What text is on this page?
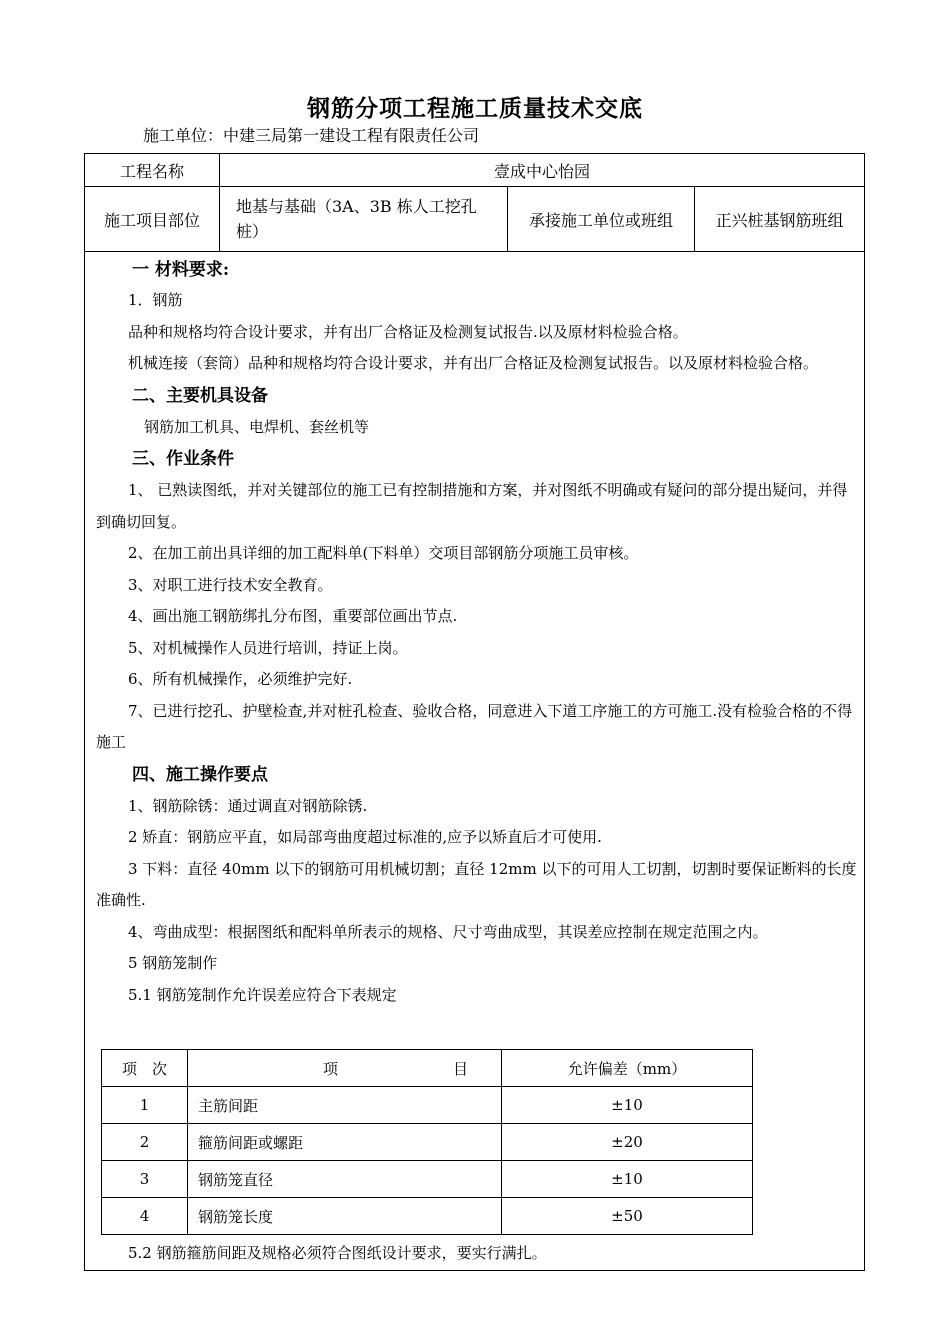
钢筋分项工程施工质量技术交底
施工单位：中建三局第一建设工程有限责任公司
工程名称	壹成中心怡园		
施工项目部位	地基与基础（3A、3B 栋人工挖孔桩）	承接施工单位或班组	正兴桩基钢筋班组

一 材料要求:

1．钢筋

品种和规格均符合设计要求，并有出厂合格证及检测复试报告.以及原材料检验合格。

机械连接（套筒）品种和规格均符合设计要求，并有出厂合格证及检测复试报告。以及原材料检验合格。

二、主要机具设备

钢筋加工机具、电焊机、套丝机等

三、作业条件

1、 已熟读图纸，并对关键部位的施工已有控制措施和方案，并对图纸不明确或有疑问的部分提出疑问，并得到确切回复。

2、在加工前出具详细的加工配料单(下料单）交项目部钢筋分项施工员审核。

3、对职工进行技术安全教育。

4、画出施工钢筋绑扎分布图，重要部位画出节点.

5、对机械操作人员进行培训，持证上岗。

6、所有机械操作，必须维护完好.

7、已进行挖孔、护壁检查,并对桩孔检查、验收合格，同意进入下道工序施工的方可施工.没有检验合格的不得施工

四、施工操作要点

1、钢筋除锈：通过调直对钢筋除锈.

2 矫直：钢筋应平直，如局部弯曲度超过标准的,应予以矫直后才可使用.

3 下料：直径 40mm 以下的钢筋可用机械切割；直径 12mm 以下的可用人工切割，切割时要保证断料的长度准确性.

4、弯曲成型：根据图纸和配料单所表示的规格、尺寸弯曲成型，其误差应控制在规定范围之内。

5 钢筋笼制作

5.1 钢筋笼制作允许误差应符合下表规定

项　次	项 目	允许偏差（mm）
1	主筋间距	±10
2	箍筋间距或螺距	±20
3	钢筋笼直径	±10
4	钢筋笼长度	±50
5.2 钢筋箍筋间距及规格必须符合图纸设计要求，要实行满扎。
